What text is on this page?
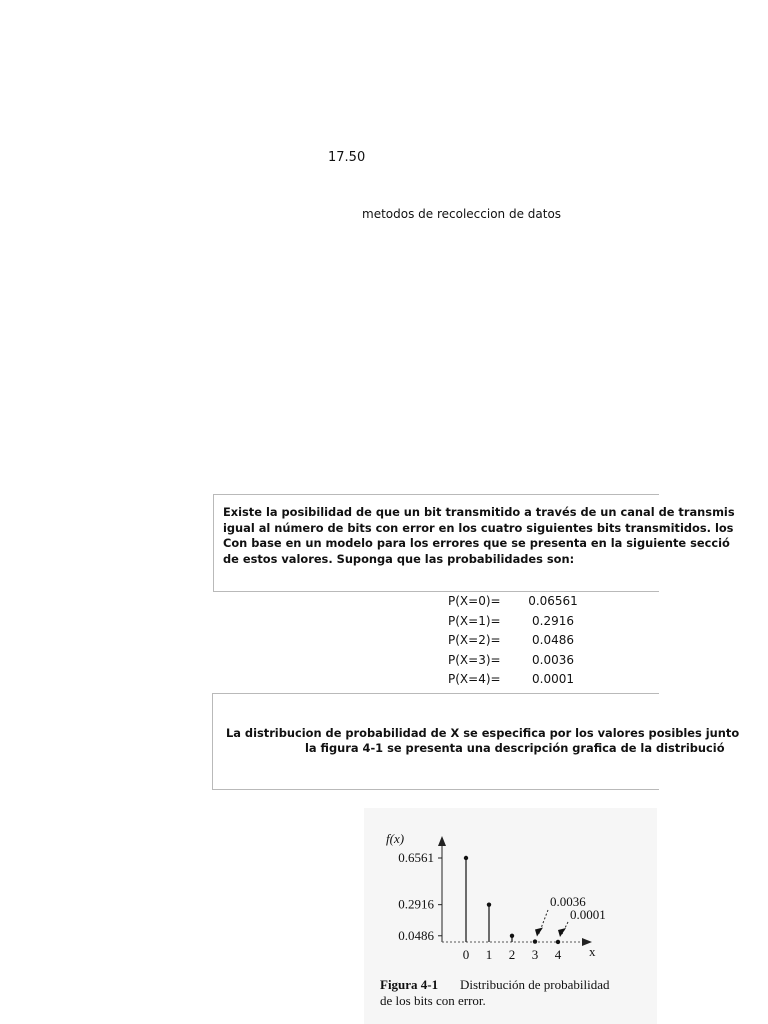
17.50
metodos de recoleccion de datos
Existe la posibilidad de que un bit transmitido a través de un canal de transmis
igual al número de bits con error en los cuatro siguientes bits transmitidos. los
Con base en un modelo para los errores que se presenta en la siguiente secció
de estos valores. Suponga que las probabilidades son:
P(X=0)=	0.06561
P(X=1)=	0.2916
P(X=2)=	0.0486
P(X=3)=	0.0036
P(X=4)=	0.0001
La distribucion de probabilidad de X se especifica por los valores posibles junto
la figura 4-1 se presenta una descripción grafica de la distribució
f(x)
x
0.6561
0.2916
0.0486
0 1 2 3 4
0.0036
0.0001
Figura 4-1 Distribución de probabilidad
de los bits con error.
